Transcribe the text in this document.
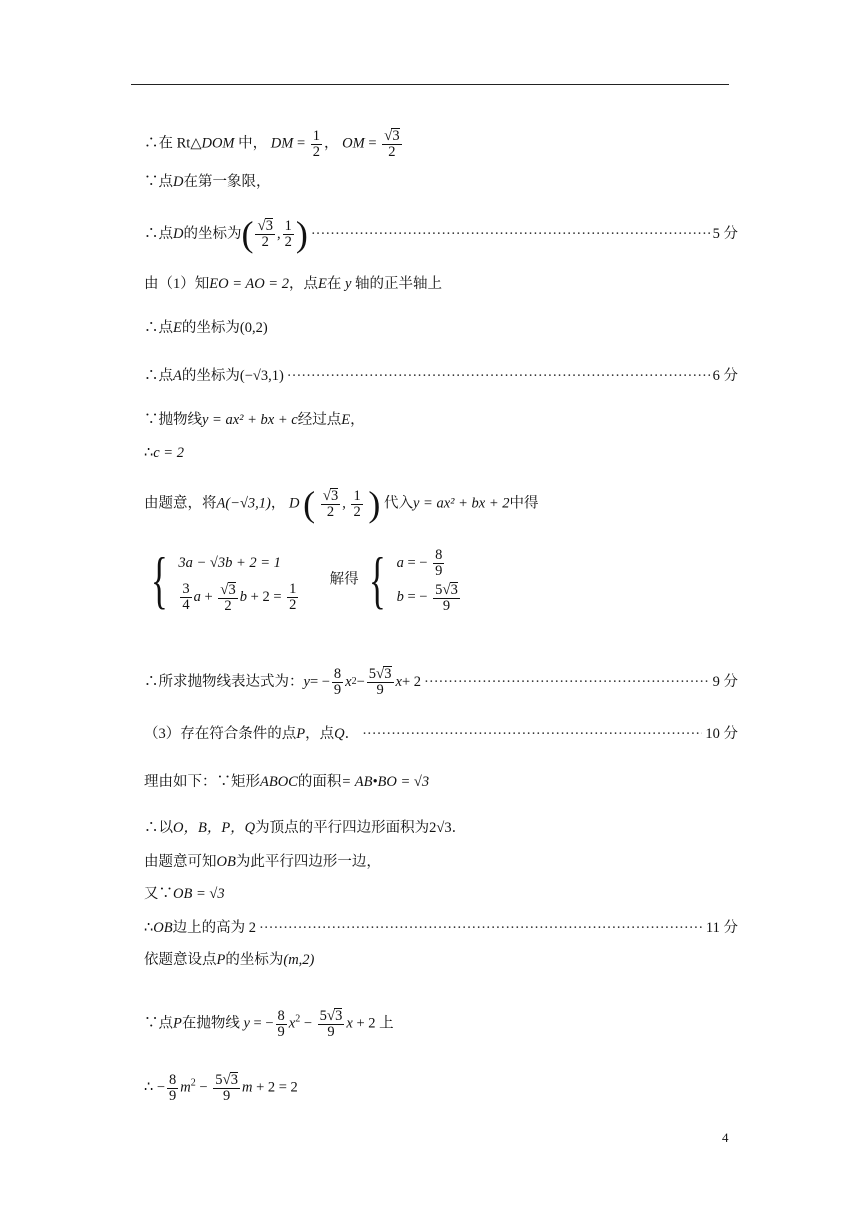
∴在 Rt△DOM 中， DM = $\frac{1}{2}$ ， OM = $\frac{√3}{2}$
∵点D在第一象限，
∴点 D 的坐标为 ( $\frac{√3}{2}$ , $\frac{1}{2}$ ) ·····	5 分
由（1）知EO = AO = 2，点E在 y 轴的正半轴上
∴点E的坐标为(0,2)
∴点 A 的坐标为 (−√3,1) ·····	6 分
∵抛物线y = ax² + bx + c经过点E，
∴c = 2
由题意，将A(−√3,1)， D ( $\frac{√3}{2}$ , $\frac{1}{2}$ ) 代入y = ax² + bx + 2中得
{ 3a − √3b + 2 = 1
$\frac{3}{4}$ $a + \frac{√3}{2}$ $b + 2 = \frac{1}{2}$
解得 { a = − $\frac{8}{9}$
b = − $\frac{5√3}{9}$
∴所求抛物线表达式为： y = − $\frac{8}{9}$ x $2 - \frac{5√3}{9}$ x + 2 ·····	9 分
（3）存在符合条件的点 P ，点 Q ． ·····	10 分
理由如下：∵矩形ABOC的面积= AB•BO = √3
∴以O，B，P，Q为顶点的平行四边形面积为2√3．
由题意可知OB为此平行四边形一边，
又∵OB = √3
∴ OB 边上的高为 2 ·····	11 分
依题意设点P的坐标为(m,2)
∵点P在抛物线 y = − $\frac{8}{9} x^2 - \frac{5√3}{9}$ x + 2 上
∴ − $\frac{8}{9} m^2 - \frac{5√3}{9}$ m + 2 = 2
4
